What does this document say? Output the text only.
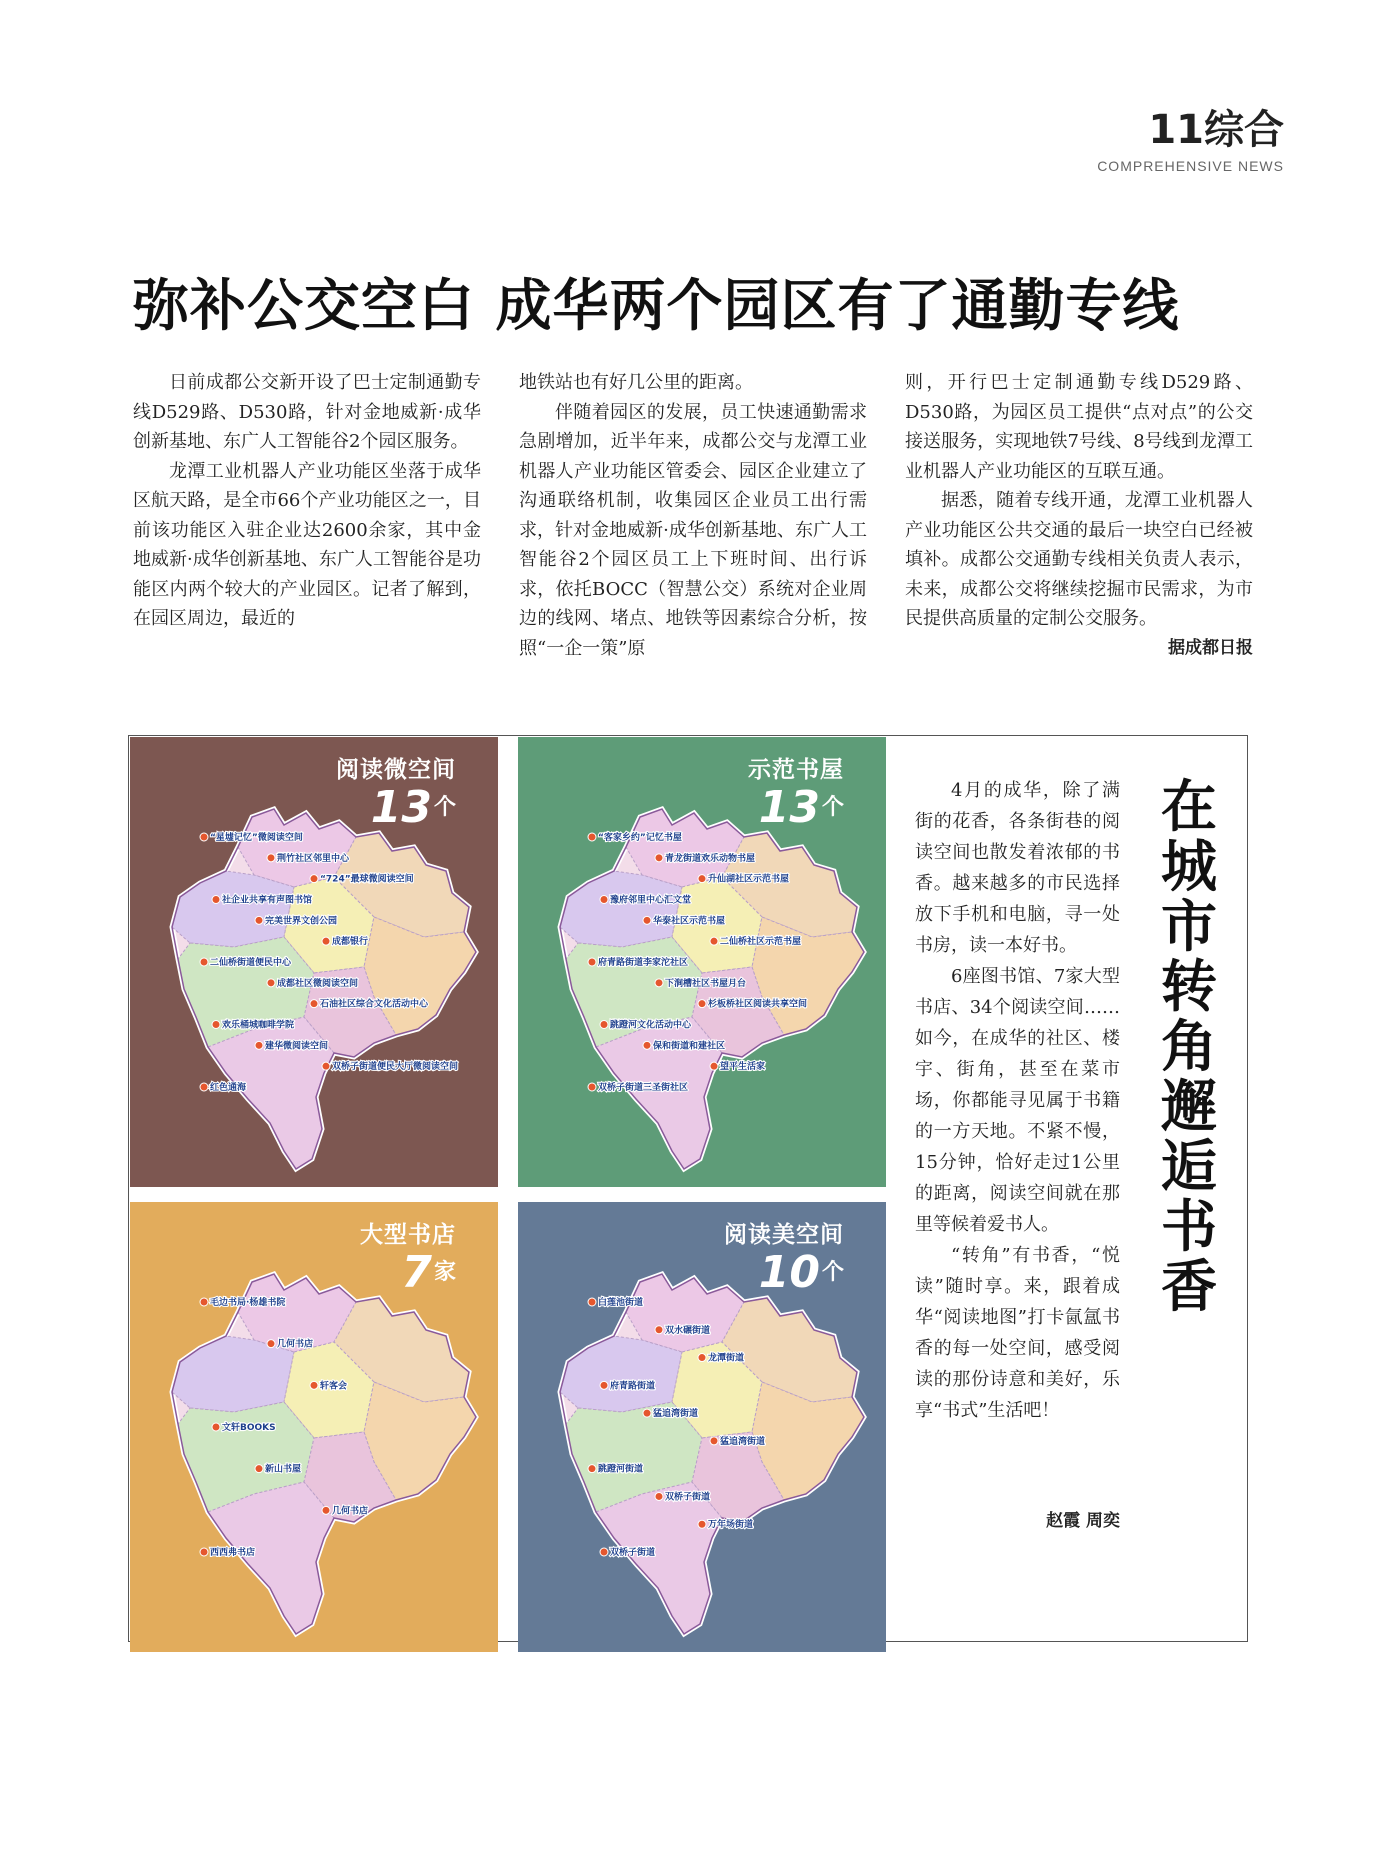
11综合
COMPREHENSIVE NEWS
弥补公交空白 成华两个园区有了通勤专线

日前成都公交新开设了巴士定制通勤专线D529路、D530路，针对金地威新·成华创新基地、东广人工智能谷2个园区服务。

龙潭工业机器人产业功能区坐落于成华区航天路，是全市66个产业功能区之一，目前该功能区入驻企业达2600余家，其中金地威新·成华创新基地、东广人工智能谷是功能区内两个较大的产业园区。记者了解到，在园区周边，最近的

地铁站也有好几公里的距离。

伴随着园区的发展，员工快速通勤需求急剧增加，近半年来，成都公交与龙潭工业机器人产业功能区管委会、园区企业建立了沟通联络机制，收集园区企业员工出行需求，针对金地威新·成华创新基地、东广人工智能谷2个园区员工上下班时间、出行诉求，依托BOCC（智慧公交）系统对企业周边的线网、堵点、地铁等因素综合分析，按照“一企一策”原

则，开行巴士定制通勤专线D529路、D530路，为园区员工提供“点对点”的公交接送服务，实现地铁7号线、8号线到龙潭工业机器人产业功能区的互联互通。

据悉，随着专线开通，龙潭工业机器人产业功能区公共交通的最后一块空白已经被填补。成都公交通勤专线相关负责人表示，未来，成都公交将继续挖掘市民需求，为市民提供高质量的定制公交服务。
据成都日报

“星墟记忆”微阅读空间
荆竹社区邻里中心
“724”最球微阅读空间
社企业共享有声图书馆
完美世界文创公园
成都银行
二仙桥街道便民中心
成都社区微阅读空间
石油社区综合文化活动中心
欢乐桶城咖啡学院
建华微阅读空间
双桥子街道便民大厅微阅读空间
红色通海
阅读微空间
$13^个$
“客家乡约”记忆书屋
青龙街道欢乐动物书屋
升仙湖社区示范书屋
豫府邻里中心汇文堂
华泰社区示范书屋
二仙桥社区示范书屋
府青路街道李家沱社区
下涧槽社区书屋月台
杉板桥社区阅读共享空间
跳蹬河文化活动中心
保和街道和建社区
望平生活家
双桥子街道三圣街社区
示范书屋
$13^个$
毛边书局·杨雄书院
几何书店
轩客会
文轩BOOKS
新山书屋
几何书店
西西弗书店
大型书店
$7^家$
白莲池街道
双水碾街道
龙潭街道
府青路街道
猛追湾街道
猛追湾街道
跳蹬河街道
双桥子街道
万年场街道
双桥子街道
阅读美空间
$10^个$
在城市转角邂逅书香

4月的成华，除了满街的花香，各条街巷的阅读空间也散发着浓郁的书香。越来越多的市民选择放下手机和电脑，寻一处书房，读一本好书。

6座图书馆、7家大型书店、34个阅读空间……如今，在成华的社区、楼宇、街角，甚至在菜市场，你都能寻见属于书籍的一方天地。不紧不慢，15分钟，恰好走过1公里的距离，阅读空间就在那里等候着爱书人。

“转角”有书香，“悦读”随时享。来，跟着成华“阅读地图”打卡氤氲书香的每一处空间，感受阅读的那份诗意和美好，乐享“书式”生活吧！

赵霞 周奕
